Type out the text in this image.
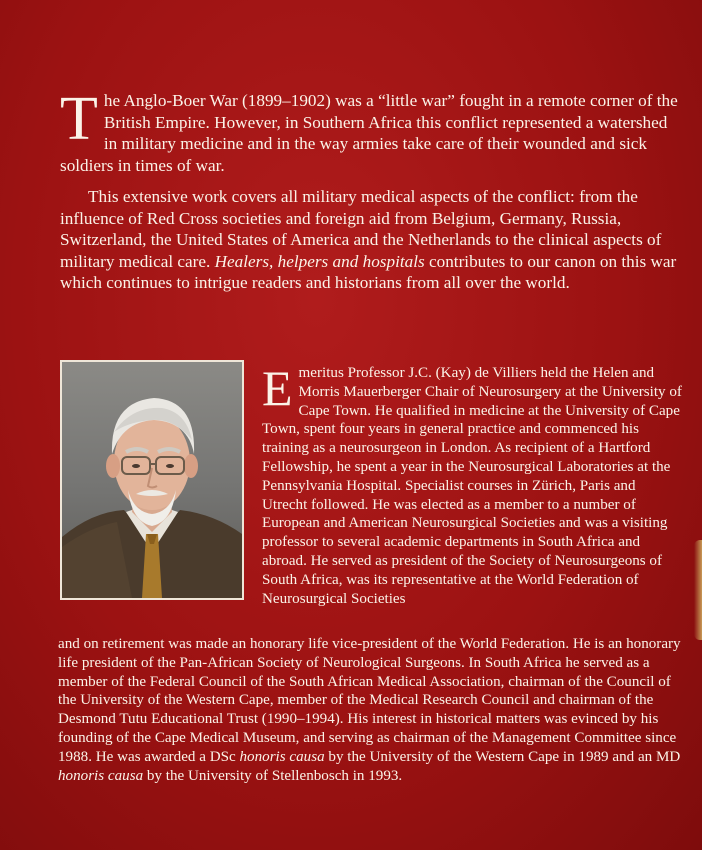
The Anglo-Boer War (1899–1902) was a “little war” fought in a remote corner of the British Empire. However, in Southern Africa this conflict represented a watershed in military medicine and in the way armies take care of their wounded and sick soldiers in times of war.

This extensive work covers all military medical aspects of the conflict: from the influence of Red Cross societies and foreign aid from Belgium, Germany, Russia, Switzerland, the United States of America and the Netherlands to the clinical aspects of military medical care. Healers, helpers and hospitals contributes to our canon on this war which continues to intrigue readers and historians from all over the world.

Emeritus Professor J.C. (Kay) de Villiers held the Helen and Morris Mauerberger Chair of Neurosurgery at the University of Cape Town. He qualified in medicine at the University of Cape Town, spent four years in general practice and commenced his training as a neurosurgeon in London. As recipient of a Hartford Fellowship, he spent a year in the Neurosurgical Laboratories at the Pennsylvania Hospital. Specialist courses in Zürich, Paris and Utrecht followed. He was elected as a member to a number of European and American Neurosurgical Societies and was a visiting professor to several academic departments in South Africa and abroad. He served as president of the Society of Neurosurgeons of South Africa, was its representative at the World Federation of Neurosurgical Societies

and on retirement was made an honorary life vice-president of the World Federation. He is an honorary life president of the Pan-African Society of Neurological Surgeons. In South Africa he served as a member of the Federal Council of the South African Medical Association, chairman of the Council of the University of the Western Cape, member of the Medical Research Council and chairman of the Desmond Tutu Educational Trust (1990–1994). His interest in historical matters was evinced by his founding of the Cape Medical Museum, and serving as chairman of the Management Committee since 1988. He was awarded a DSc honoris causa by the University of the Western Cape in 1989 and an MD honoris causa by the University of Stellenbosch in 1993.
